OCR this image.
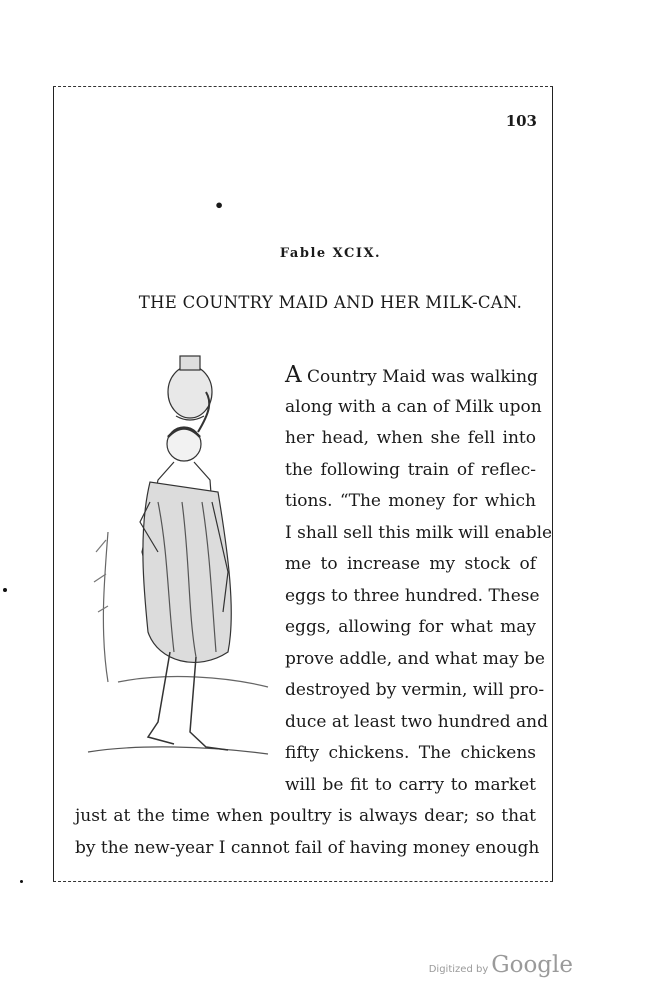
103
•
Fable XCIX.
THE COUNTRY MAID AND HER MILK-CAN.
A Country Maid was walking
along with a can of Milk upon
her head, when she fell into
the following train of reflec-
tions. “The money for which
I shall sell this milk will enable
me to increase my stock of
eggs to three hundred. These
eggs, allowing for what may
prove addle, and what may be
destroyed by vermin, will pro-
duce at least two hundred and
fifty chickens. The chickens
will be fit to carry to market
just at the time when poultry is always dear; so that
by the new-year I cannot fail of having money enough
Digitized by Google
